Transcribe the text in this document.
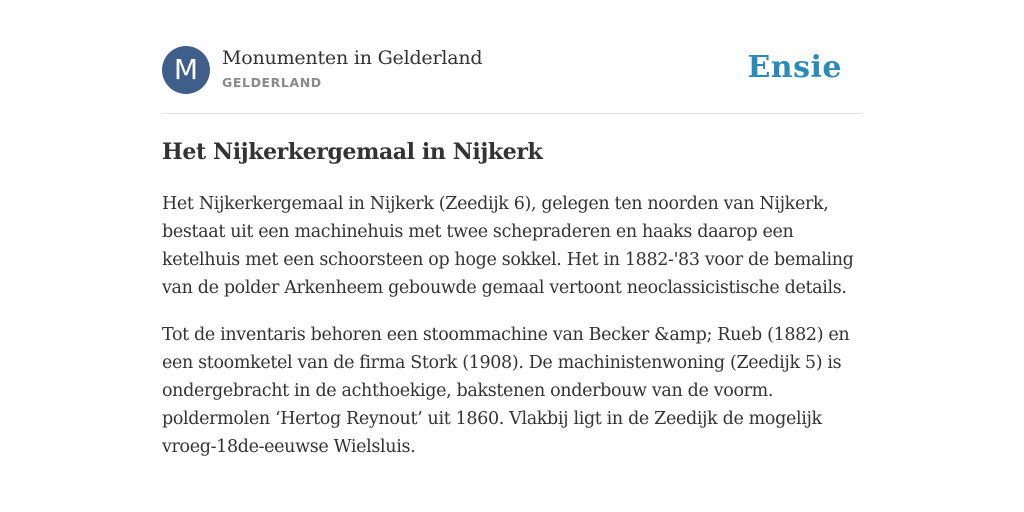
M	Monumenten in Gelderland
GELDERLAND	Ensie
Het Nijkerkergemaal in Nijkerk

Het Nijkerkergemaal in Nijkerk (Zeedijk 6), gelegen ten noorden van Nijkerk,
bestaat uit een machinehuis met twee schepraderen en haaks daarop een
ketelhuis met een schoorsteen op hoge sokkel. Het in 1882-'83 voor de bemaling
van de polder Arkenheem gebouwde gemaal vertoont neoclassicistische details.

Tot de inventaris behoren een stoommachine van Becker &amp; Rueb (1882) en
een stoomketel van de firma Stork (1908). De machinistenwoning (Zeedijk 5) is
ondergebracht in de achthoekige, bakstenen onderbouw van de voorm.
poldermolen ‘Hertog Reynout’ uit 1860. Vlakbij ligt in de Zeedijk de mogelijk
vroeg-18de-eeuwse Wielsluis.
